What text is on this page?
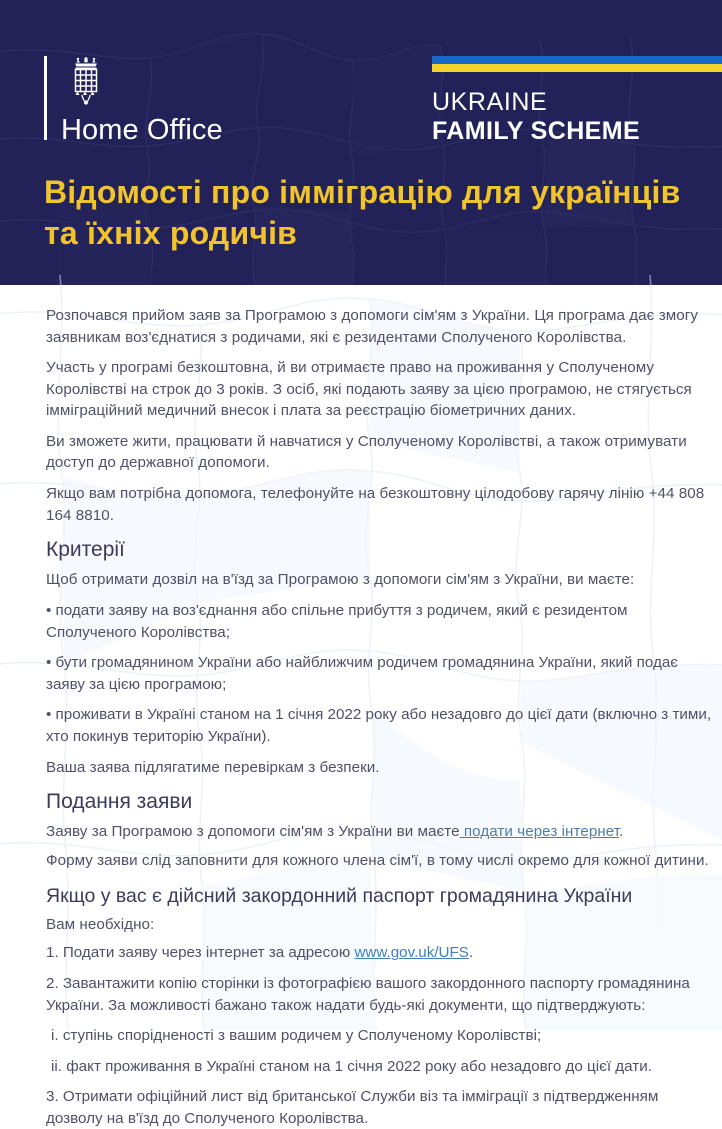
Home Office
UKRAINE
FAMILY SCHEME
Відомості про імміграцію для українців та їхніх родичів

Розпочався прийом заяв за Програмою з допомоги сім'ям з України. Ця програма дає змогу заявникам воз'єднатися з родичами, які є резидентами Сполученого Королівства.

Участь у програмі безкоштовна, й ви отримаєте право на проживання у Сполученому Королівстві на строк до 3 років. З осіб, які подають заяву за цією програмою, не стягується імміграційний медичний внесок і плата за реєстрацію біометричних даних.

Ви зможете жити, працювати й навчатися у Сполученому Королівстві, а також отримувати доступ до державної допомоги.

Якщо вам потрібна допомога, телефонуйте на безкоштовну цілодобову гарячу лінію +44 808 164 8810.

Критерії

Щоб отримати дозвіл на в'їзд за Програмою з допомоги сім'ям з України, ви маєте:

• подати заяву на воз'єднання або спільне прибуття з родичем, який є резидентом Сполученого Королівства;

• бути громадянином України або найближчим родичем громадянина України, який подає заяву за цією програмою;

• проживати в Україні станом на 1 січня 2022 року або незадовго до цієї дати (включно з тими, хто покинув територію України).

Ваша заява підлягатиме перевіркам з безпеки.

Подання заяви

Заяву за Програмою з допомоги сім'ям з України ви маєте подати через інтернет.

Форму заяви слід заповнити для кожного члена сім'ї, в тому числі окремо для кожної дитини.

Якщо у вас є дійсний закордонний паспорт громадянина України

Вам необхідно:

1. Подати заяву через інтернет за адресою www.gov.uk/UFS.

2. Завантажити копію сторінки із фотографією вашого закордонного паспорту громадянина України. За можливості бажано також надати будь-які документи, що підтверджують:

i. ступінь спорідненості з вашим родичем у Сполученому Королівстві;

ii. факт проживання в Україні станом на 1 січня 2022 року або незадовго до цієї дати.

3. Отримати офіційний лист від британської Служби віз та імміграції з підтвердженням дозволу на в'їзд до Сполученого Королівства.
